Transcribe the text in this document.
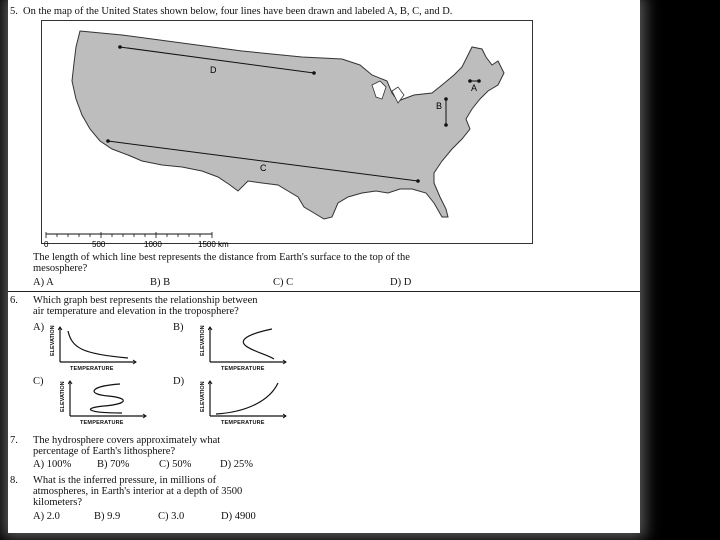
5. On the map of the United States shown below, four lines have been drawn and labeled A, B, C, and D.
D
C
B
A
0	500	1000	1500 km
The length of which line best represents the distance from Earth's surface to the top of the
mesosphere?
A) A	B) B	C) C	D) D
6. Which graph best represents the relationship between
air temperature and elevation in the troposphere?
A) ELEVATION
TEMPERATURE
B)	ELEVATION
TEMPERATURE
C)	ELEVATION
TEMPERATURE
D)	ELEVATION
TEMPERATURE
7. The hydrosphere covers approximately what
percentage of Earth's lithosphere?
A) 100% B) 70%	C) 50%	D) 25%
8. What is the inferred pressure, in millions of
atmospheres, in Earth's interior at a depth of 3500
kilometers?
A) 2.0	B) 9.9	C) 3.0	D) 4900
